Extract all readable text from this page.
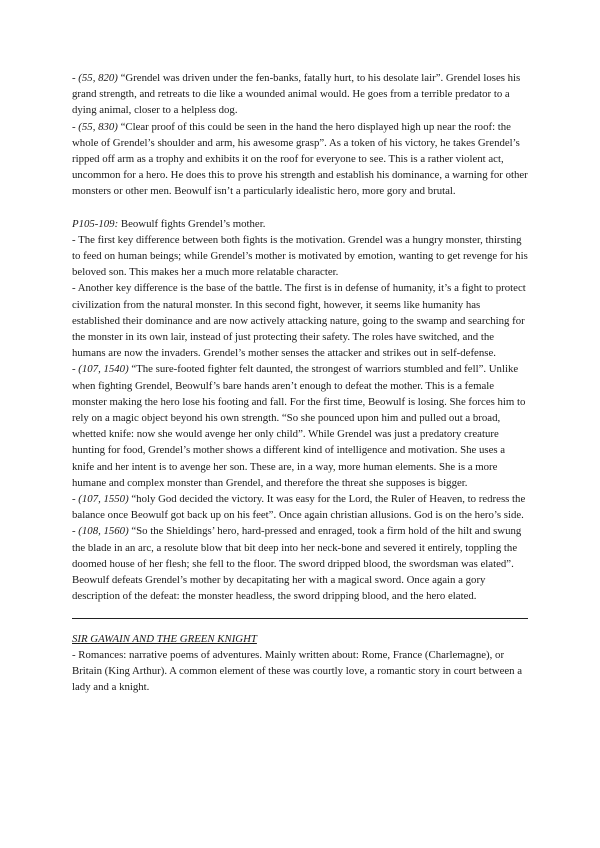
- (55, 820) “Grendel was driven under the fen-banks, fatally hurt, to his desolate lair”. Grendel loses his grand strength, and retreats to die like a wounded animal would. He goes from a terrible predator to a dying animal, closer to a helpless dog.

- (55, 830) “Clear proof of this could be seen in the hand the hero displayed high up near the roof: the whole of Grendel’s shoulder and arm, his awesome grasp”. As a token of his victory, he takes Grendel’s ripped off arm as a trophy and exhibits it on the roof for everyone to see. This is a rather violent act, uncommon for a hero. He does this to prove his strength and establish his dominance, a warning for other monsters or other men. Beowulf isn’t a particularly idealistic hero, more gory and brutal.

P105-109: Beowulf fights Grendel’s mother.

- The first key difference between both fights is the motivation. Grendel was a hungry monster, thirsting to feed on human beings; while Grendel’s mother is motivated by emotion, wanting to get revenge for his beloved son. This makes her a much more relatable character.

- Another key difference is the base of the battle. The first is in defense of humanity, it’s a fight to protect civilization from the natural monster. In this second fight, however, it seems like humanity has established their dominance and are now actively attacking nature, going to the swamp and searching for the monster in its own lair, instead of just protecting their safety. The roles have switched, and the humans are now the invaders. Grendel’s mother senses the attacker and strikes out in self-defense.

- (107, 1540) “The sure-footed fighter felt daunted, the strongest of warriors stumbled and fell”. Unlike when fighting Grendel, Beowulf’s bare hands aren’t enough to defeat the mother. This is a female monster making the hero lose his footing and fall. For the first time, Beowulf is losing. She forces him to rely on a magic object beyond his own strength. “So she pounced upon him and pulled out a broad, whetted knife: now she would avenge her only child”. While Grendel was just a predatory creature hunting for food, Grendel’s mother shows a different kind of intelligence and motivation. She uses a knife and her intent is to avenge her son. These are, in a way, more human elements. She is a more humane and complex monster than Grendel, and therefore the threat she supposes is bigger.

- (107, 1550) “holy God decided the victory. It was easy for the Lord, the Ruler of Heaven, to redress the balance once Beowulf got back up on his feet”. Once again christian allusions. God is on the hero’s side.

- (108, 1560) “So the Shieldings’ hero, hard-pressed and enraged, took a firm hold of the hilt and swung the blade in an arc, a resolute blow that bit deep into her neck-bone and severed it entirely, toppling the doomed house of her flesh; she fell to the floor. The sword dripped blood, the swordsman was elated”. Beowulf defeats Grendel’s mother by decapitating her with a magical sword. Once again a gory description of the defeat: the monster headless, the sword dripping blood, and the hero elated.

SIR GAWAIN AND THE GREEN KNIGHT

- Romances: narrative poems of adventures. Mainly written about: Rome, France (Charlemagne), or Britain (King Arthur). A common element of these was courtly love, a romantic story in court between a lady and a knight.
